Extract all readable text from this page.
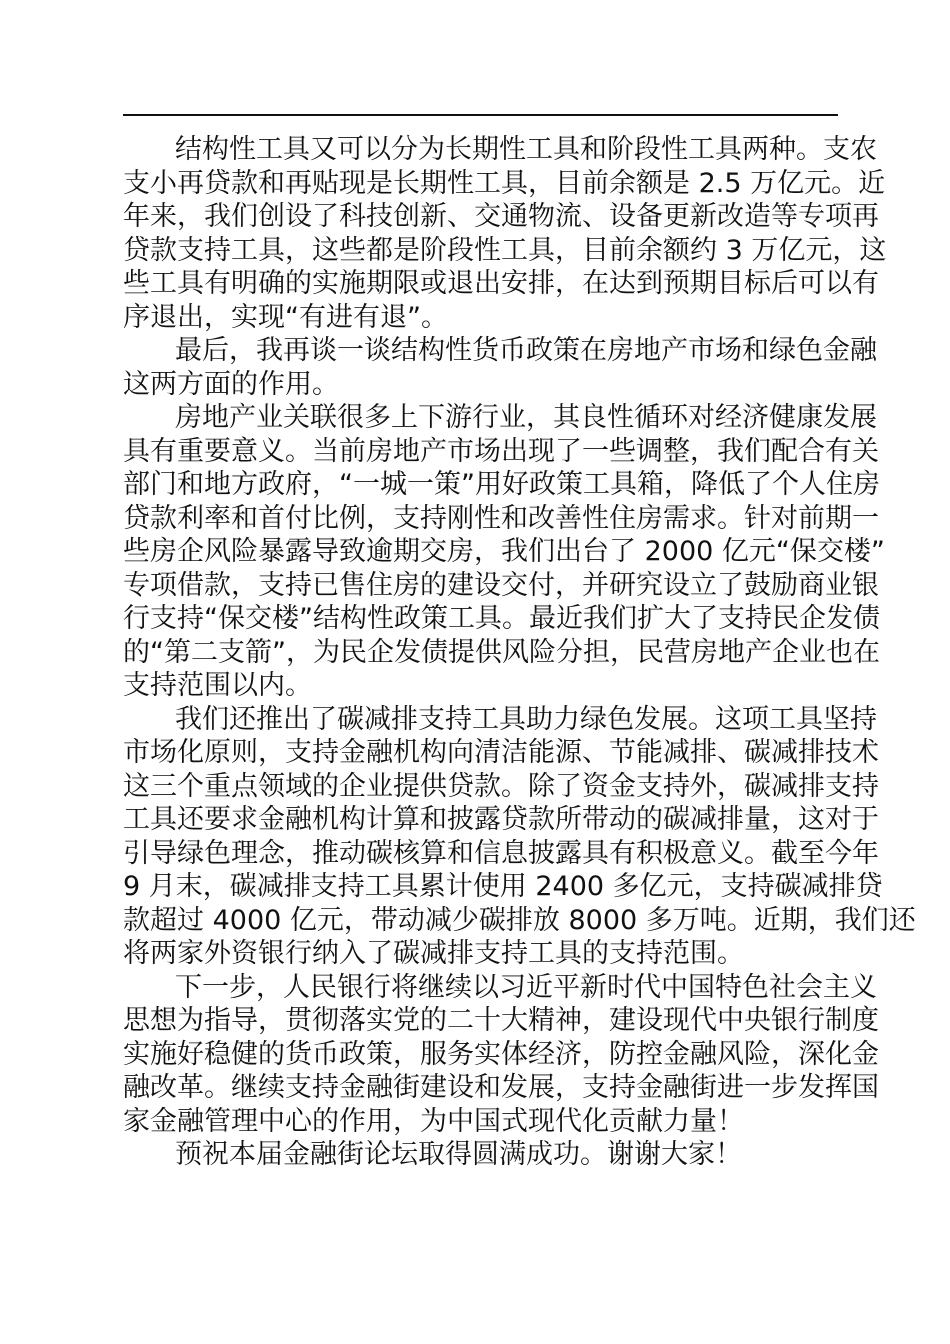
结构性工具又可以分为长期性工具和阶段性工具两种。支农
支小再贷款和再贴现是长期性工具，目前余额是 2.5 万亿元。近
年来，我们创设了科技创新、交通物流、设备更新改造等专项再
贷款支持工具，这些都是阶段性工具，目前余额约 3 万亿元，这
些工具有明确的实施期限或退出安排，在达到预期目标后可以有
序退出，实现“有进有退”。
最后，我再谈一谈结构性货币政策在房地产市场和绿色金融
这两方面的作用。
房地产业关联很多上下游行业，其良性循环对经济健康发展
具有重要意义。当前房地产市场出现了一些调整，我们配合有关
部门和地方政府，“一城一策”用好政策工具箱，降低了个人住房
贷款利率和首付比例，支持刚性和改善性住房需求。针对前期一
些房企风险暴露导致逾期交房，我们出台了 2000 亿元“保交楼”
专项借款，支持已售住房的建设交付，并研究设立了鼓励商业银
行支持“保交楼”结构性政策工具。最近我们扩大了支持民企发债
的“第二支箭”，为民企发债提供风险分担，民营房地产企业也在
支持范围以内。
我们还推出了碳减排支持工具助力绿色发展。这项工具坚持
市场化原则，支持金融机构向清洁能源、节能减排、碳减排技术
这三个重点领域的企业提供贷款。除了资金支持外，碳减排支持
工具还要求金融机构计算和披露贷款所带动的碳减排量，这对于
引导绿色理念，推动碳核算和信息披露具有积极意义。截至今年
9 月末，碳减排支持工具累计使用 2400 多亿元，支持碳减排贷
款超过 4000 亿元，带动减少碳排放 8000 多万吨。近期，我们还
将两家外资银行纳入了碳减排支持工具的支持范围。
下一步，人民银行将继续以习近平新时代中国特色社会主义
思想为指导，贯彻落实党的二十大精神，建设现代中央银行制度
实施好稳健的货币政策，服务实体经济，防控金融风险，深化金
融改革。继续支持金融街建设和发展，支持金融街进一步发挥国
家金融管理中心的作用，为中国式现代化贡献力量！
预祝本届金融街论坛取得圆满成功。谢谢大家！
